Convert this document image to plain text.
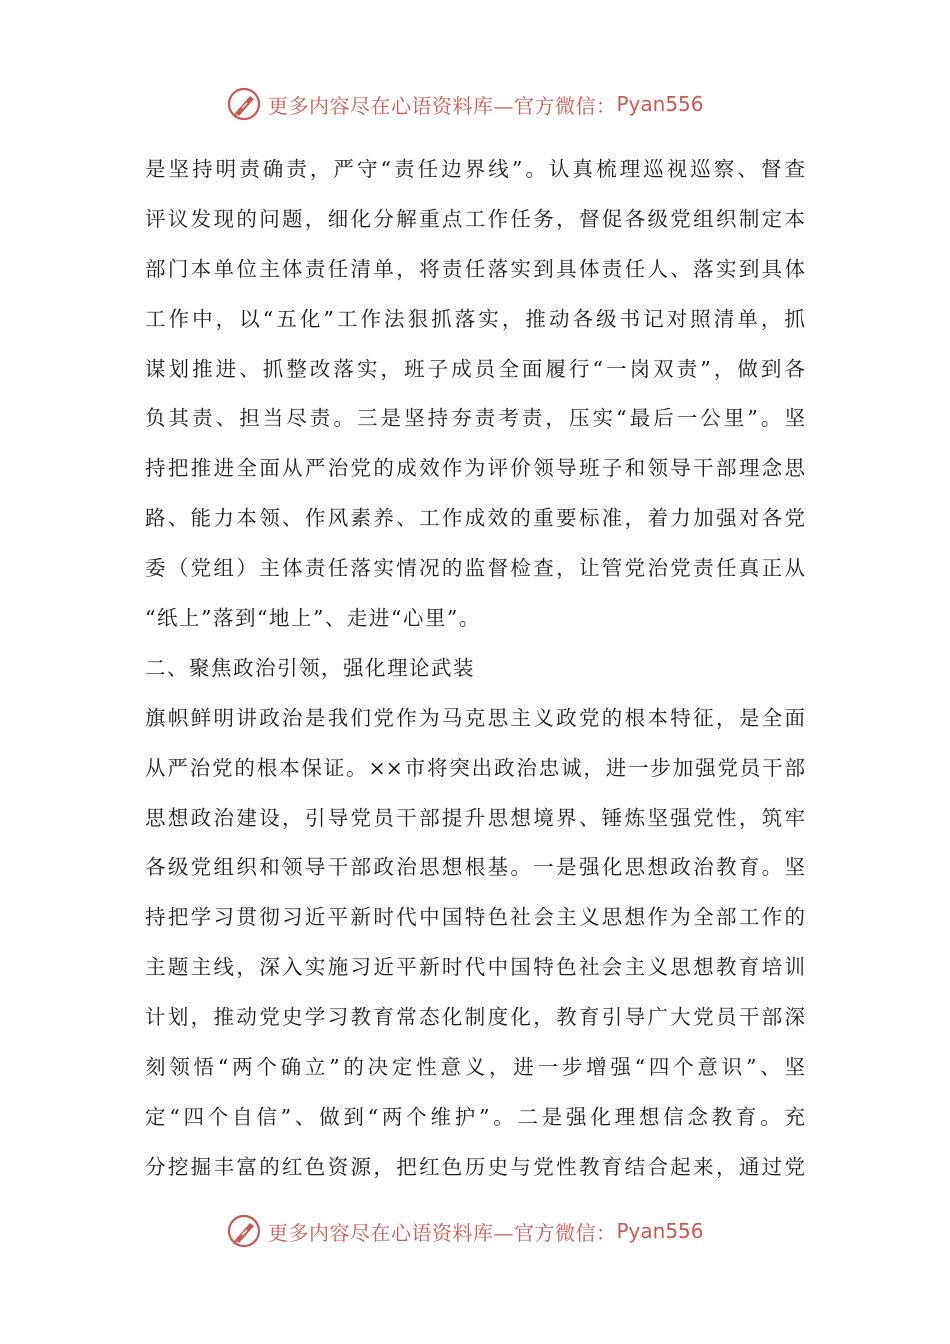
更多内容尽在心语资料库—官方微信： Pyan556
是坚持明责确责，严守“责任边界线”。认真梳理巡视巡察、督查
评议发现的问题，细化分解重点工作任务，督促各级党组织制定本
部门本单位主体责任清单，将责任落实到具体责任人、落实到具体
工作中，以“五化”工作法狠抓落实，推动各级书记对照清单，抓
谋划推进、抓整改落实，班子成员全面履行“一岗双责”，做到各
负其责、担当尽责。三是坚持夯责考责，压实“最后一公里”。坚
持把推进全面从严治党的成效作为评价领导班子和领导干部理念思
路、能力本领、作风素养、工作成效的重要标准，着力加强对各党
委（党组）主体责任落实情况的监督检查，让管党治党责任真正从
“纸上”落到“地上”、走进“心里”。
二、聚焦政治引领，强化理论武装
旗帜鲜明讲政治是我们党作为马克思主义政党的根本特征，是全面
从严治党的根本保证。××市将突出政治忠诚，进一步加强党员干部
思想政治建设，引导党员干部提升思想境界、锤炼坚强党性，筑牢
各级党组织和领导干部政治思想根基。一是强化思想政治教育。坚
持把学习贯彻习近平新时代中国特色社会主义思想作为全部工作的
主题主线，深入实施习近平新时代中国特色社会主义思想教育培训
计划，推动党史学习教育常态化制度化，教育引导广大党员干部深
刻领悟“两个确立”的决定性意义，进一步增强“四个意识”、坚
定“四个自信”、做到“两个维护”。二是强化理想信念教育。充
分挖掘丰富的红色资源，把红色历史与党性教育结合起来，通过党
更多内容尽在心语资料库—官方微信： Pyan556
